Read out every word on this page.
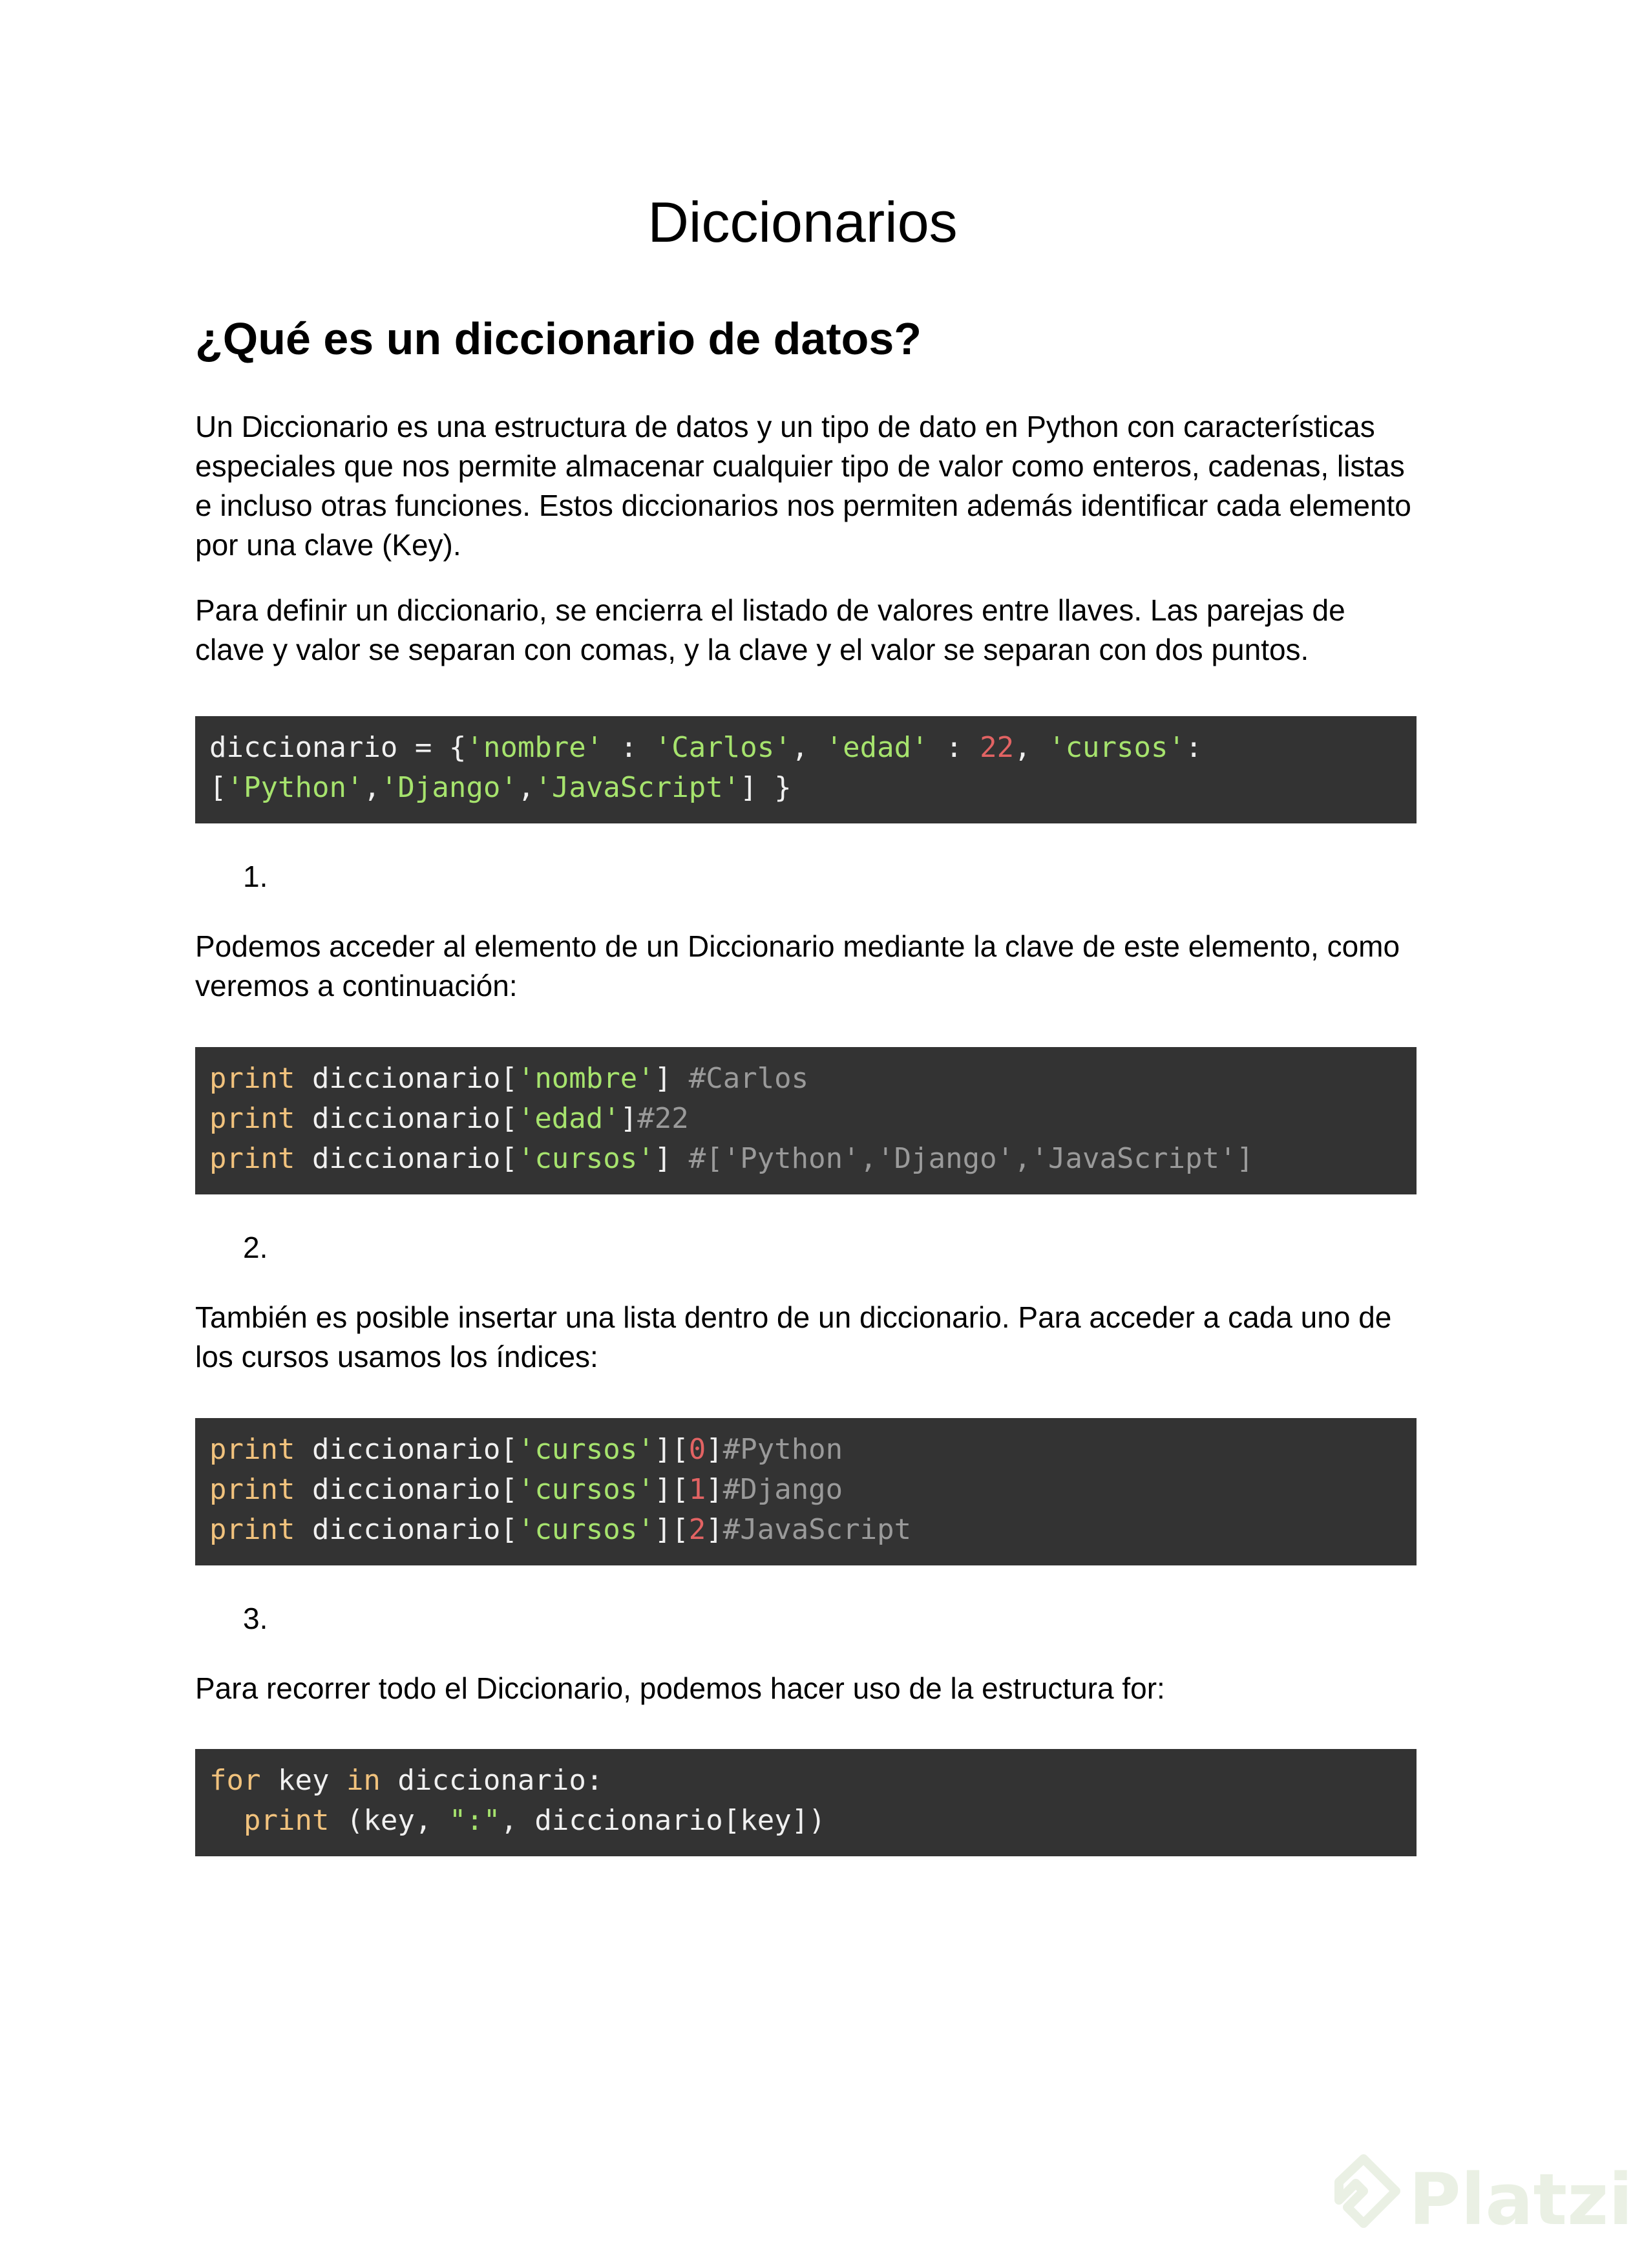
Diccionarios
¿Qué es un diccionario de datos?

Un Diccionario es una estructura de datos y un tipo de dato en Python con características especiales que nos permite almacenar cualquier tipo de valor como enteros, cadenas, listas e incluso otras funciones. Estos diccionarios nos permiten además identificar cada elemento por una clave (Key).

Para definir un diccionario, se encierra el listado de valores entre llaves. Las parejas de clave y valor se separan con comas, y la clave y el valor se separan con dos puntos.

diccionario = {'nombre' : 'Carlos', 'edad' : 22, 'cursos':
['Python','Django','JavaScript'] }

1.

Podemos acceder al elemento de un Diccionario mediante la clave de este elemento, como veremos a continuación:

print diccionario['nombre'] #Carlos
print diccionario['edad']#22
print diccionario['cursos'] #['Python','Django','JavaScript']

2.

También es posible insertar una lista dentro de un diccionario. Para acceder a cada uno de los cursos usamos los índices:

print diccionario['cursos'][0]#Python
print diccionario['cursos'][1]#Django
print diccionario['cursos'][2]#JavaScript

3.

Para recorrer todo el Diccionario, podemos hacer uso de la estructura for:

for key in diccionario:
print (key, ":", diccionario[key])
Platzi
